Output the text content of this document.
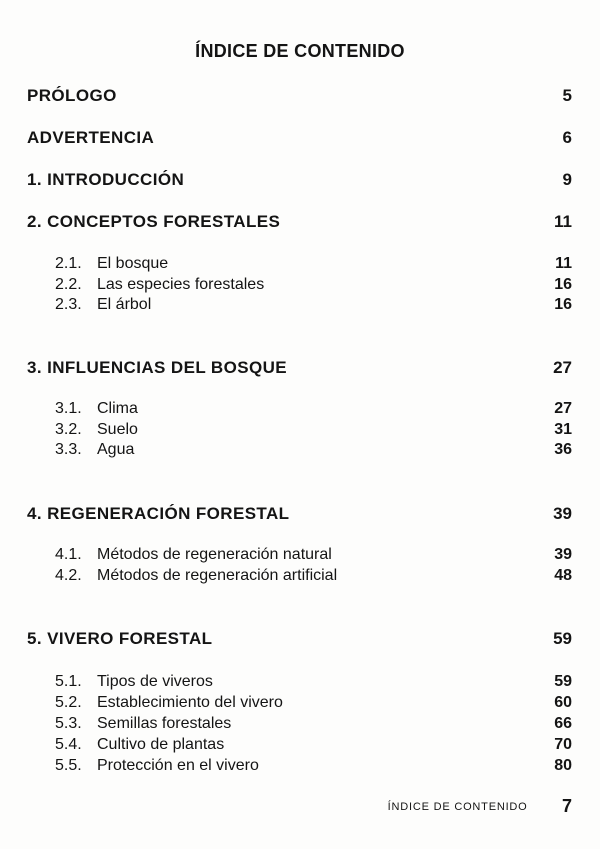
ÍNDICE DE CONTENIDO
PRÓLOGO	5
ADVERTENCIA	6
1. INTRODUCCIÓN	9
2. CONCEPTOS FORESTALES	11
2.1. El bosque	11
2.2. Las especies forestales	16
2.3. El árbol	16
3. INFLUENCIAS DEL BOSQUE	27
3.1. Clima	27
3.2. Suelo	31
3.3. Agua	36
4. REGENERACIÓN FORESTAL	39
4.1. Métodos de regeneración natural	39
4.2. Métodos de regeneración artificial	48
5. VIVERO FORESTAL	59
5.1. Tipos de viveros	59
5.2. Establecimiento del vivero	60
5.3. Semillas forestales	66
5.4. Cultivo de plantas	70
5.5. Protección en el vivero	80
ÍNDICE DE CONTENIDO 7
